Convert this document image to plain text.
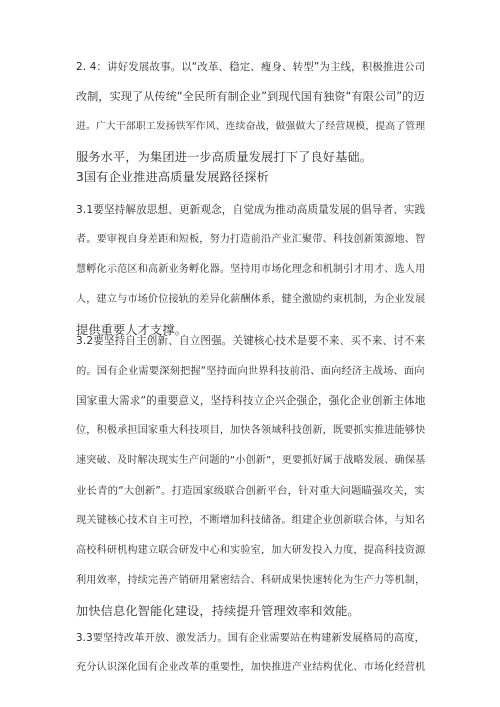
2. 4：讲好发展故事。以“改革、稳定、瘦身、转型”为主线，积极推进公司
改制，实现了从传统“全民所有制企业”到现代国有独资“有限公司”的迈
进。广大干部职工发扬铁军作风、连续奋战，做强做大了经营规模，提高了管理
服务水平，为集团进一步高质量发展打下了良好基础。
3国有企业推进高质量发展路径探析
3.1要坚持解放思想、更新观念，自觉成为推动高质量发展的倡导者、实践
者。要审视自身差距和短板，努力打造前沿产业汇聚带、科技创新策源地、智
慧孵化示范区和高新业务孵化器。坚持用市场化理念和机制引才用才、选人用
人，建立与市场价位接轨的差异化薪酬体系，健全激励约束机制，为企业发展
提供重要人才支撑。
3.2要坚持自主创新、自立图强。关键核心技术是要不来、买不来、讨不来
的。国有企业需要深刻把握“坚持面向世界科技前沿、面向经济主战场、面向
国家重大需求”的重要意义，坚持科技立企兴企强企，强化企业创新主体地
位，积极承担国家重大科技项目，加快各领域科技创新，既要抓实推进能够快
速突破、及时解决现实生产问题的“小创新”，更要抓好属于战略发展、确保基
业长青的“大创新”。打造国家级联合创新平台，针对重大问题瞄强攻关，实
现关键核心技术自主可控，不断增加科技储备。组建企业创新联合体，与知名
高校科研机构建立联合研发中心和实验室，加大研发投入力度，提高科技资源
利用效率，持续完善产销研用紧密结合、科研成果快速转化为生产力等机制，
加快信息化智能化建设，持续提升管理效率和效能。
3.3要坚持改革开放、激发活力。国有企业需要站在构建新发展格局的高度，
充分认识深化国有企业改革的重要性，加快推进产业结构优化、市场化经营机
